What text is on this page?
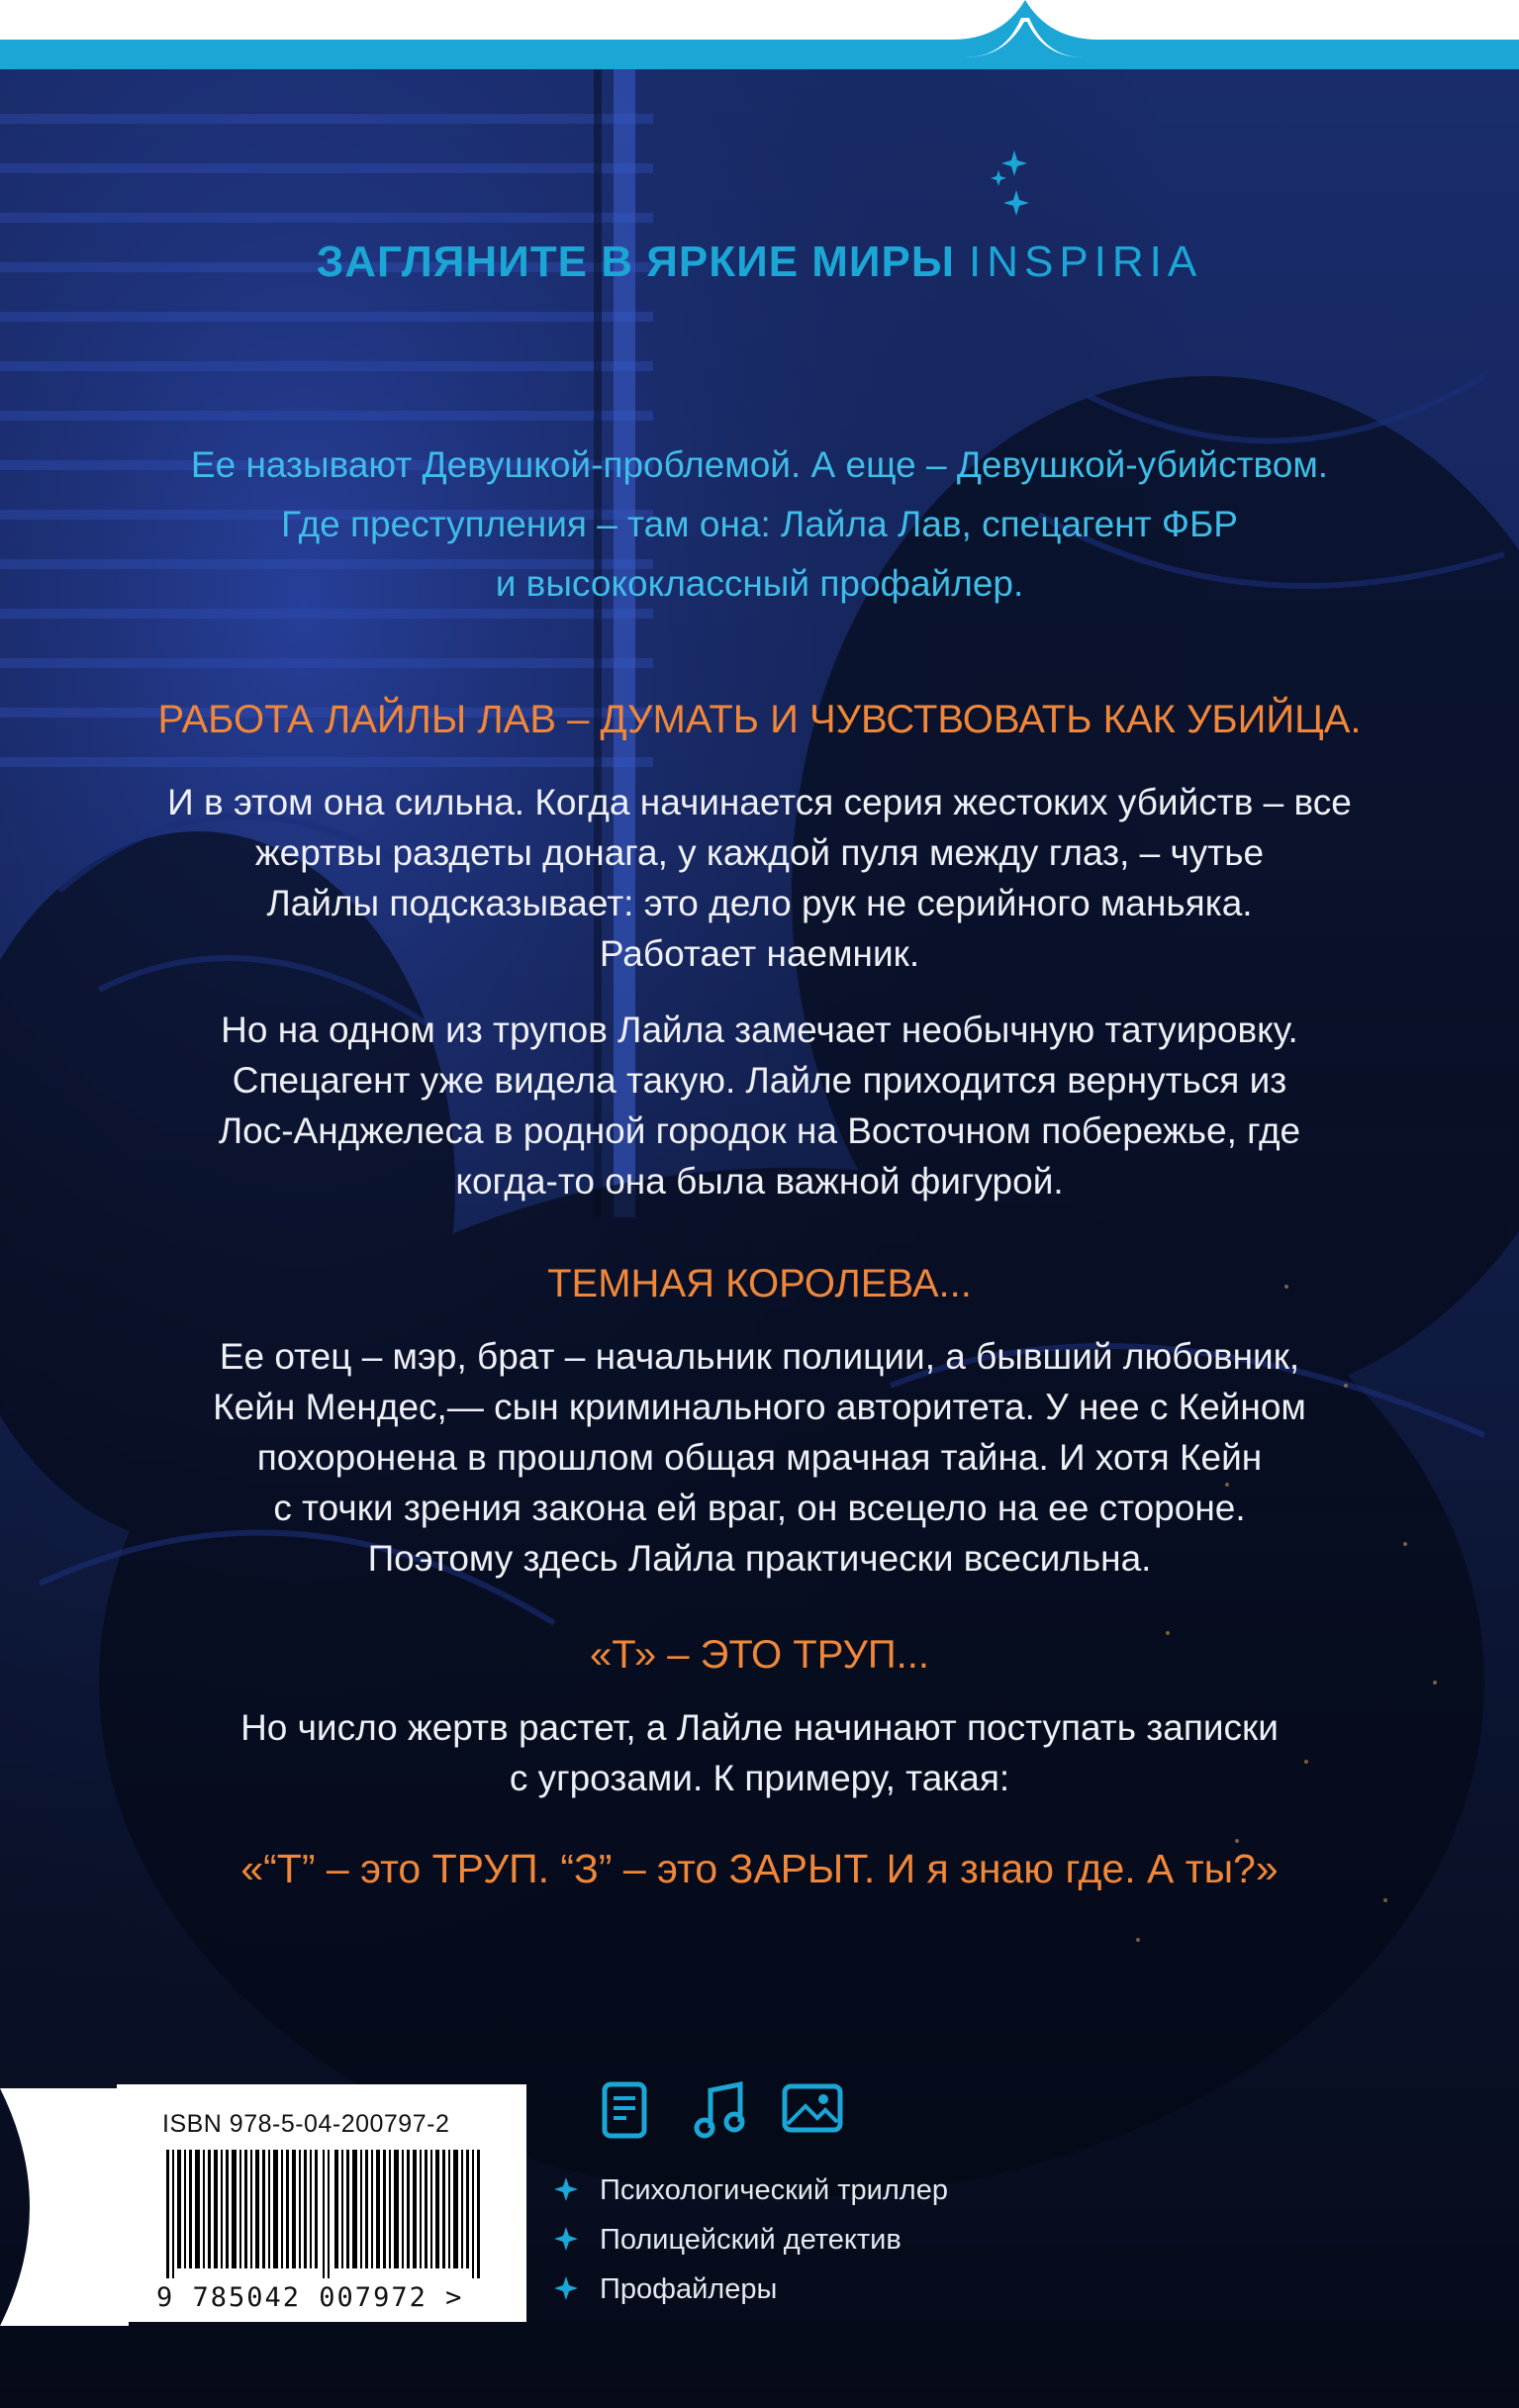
ЗАГЛЯНИТЕ В ЯРКИЕ МИРЫ INSPIRIA
Ее называют Девушкой-проблемой. А еще – Девушкой-убийством.
Где преступления – там она: Лайла Лав, спецагент ФБР
и высококлассный профайлер.
РАБОТА ЛАЙЛЫ ЛАВ – ДУМАТЬ И ЧУВСТВОВАТЬ КАК УБИЙЦА.
И в этом она сильна. Когда начинается серия жестоких убийств – все
жертвы раздеты донага, у каждой пуля между глаз, – чутье
Лайлы подсказывает: это дело рук не серийного маньяка.
Работает наемник.
Но на одном из трупов Лайла замечает необычную татуировку.
Спецагент уже видела такую. Лайле приходится вернуться из
Лос-Анджелеса в родной городок на Восточном побережье, где
когда-то она была важной фигурой.
ТЕМНАЯ КОРОЛЕВА...
Ее отец – мэр, брат – начальник полиции, а бывший любовник,
Кейн Мендес,— сын криминального авторитета. У нее с Кейном
похоронена в прошлом общая мрачная тайна. И хотя Кейн
с точки зрения закона ей враг, он всецело на ее стороне.
Поэтому здесь Лайла практически всесильна.
«Т» – ЭТО ТРУП...
Но число жертв растет, а Лайле начинают поступать записки
с угрозами. К примеру, такая:
«“Т” – это ТРУП. “З” – это ЗАРЫТ. И я знаю где. А ты?»
ISBN 978-5-04-200797-2
9 785042 007972 >
Психологический триллер
Полицейский детектив
Профайлеры
